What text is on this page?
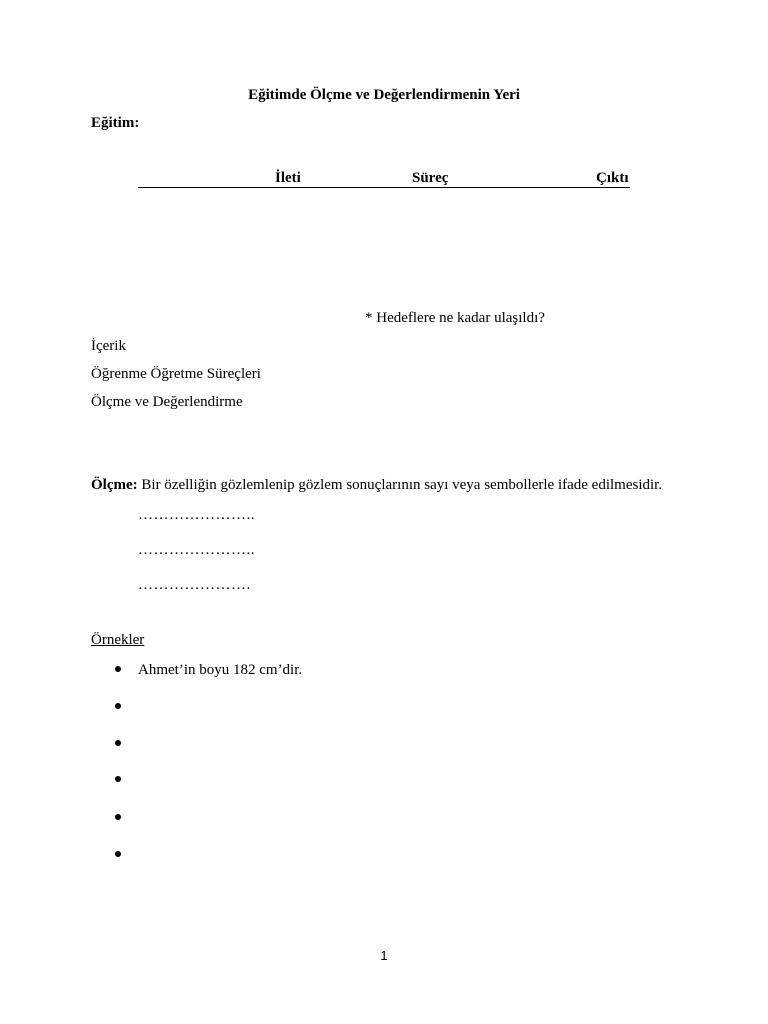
Eğitimde Ölçme ve Değerlendirmenin Yeri
Eğitim:
İleti	Süreç	Çıktı
* Hedeflere ne kadar ulaşıldı?
İçerik
Öğrenme Öğretme Süreçleri
Ölçme ve Değerlendirme
Ölçme: Bir özelliğin gözlemlenip gözlem sonuçlarının sayı veya sembollerle ifade edilmesidir.
…………………..
…………………..
………………….
Örnekler
Ahmet’in boyu 182 cm’dir.
1
